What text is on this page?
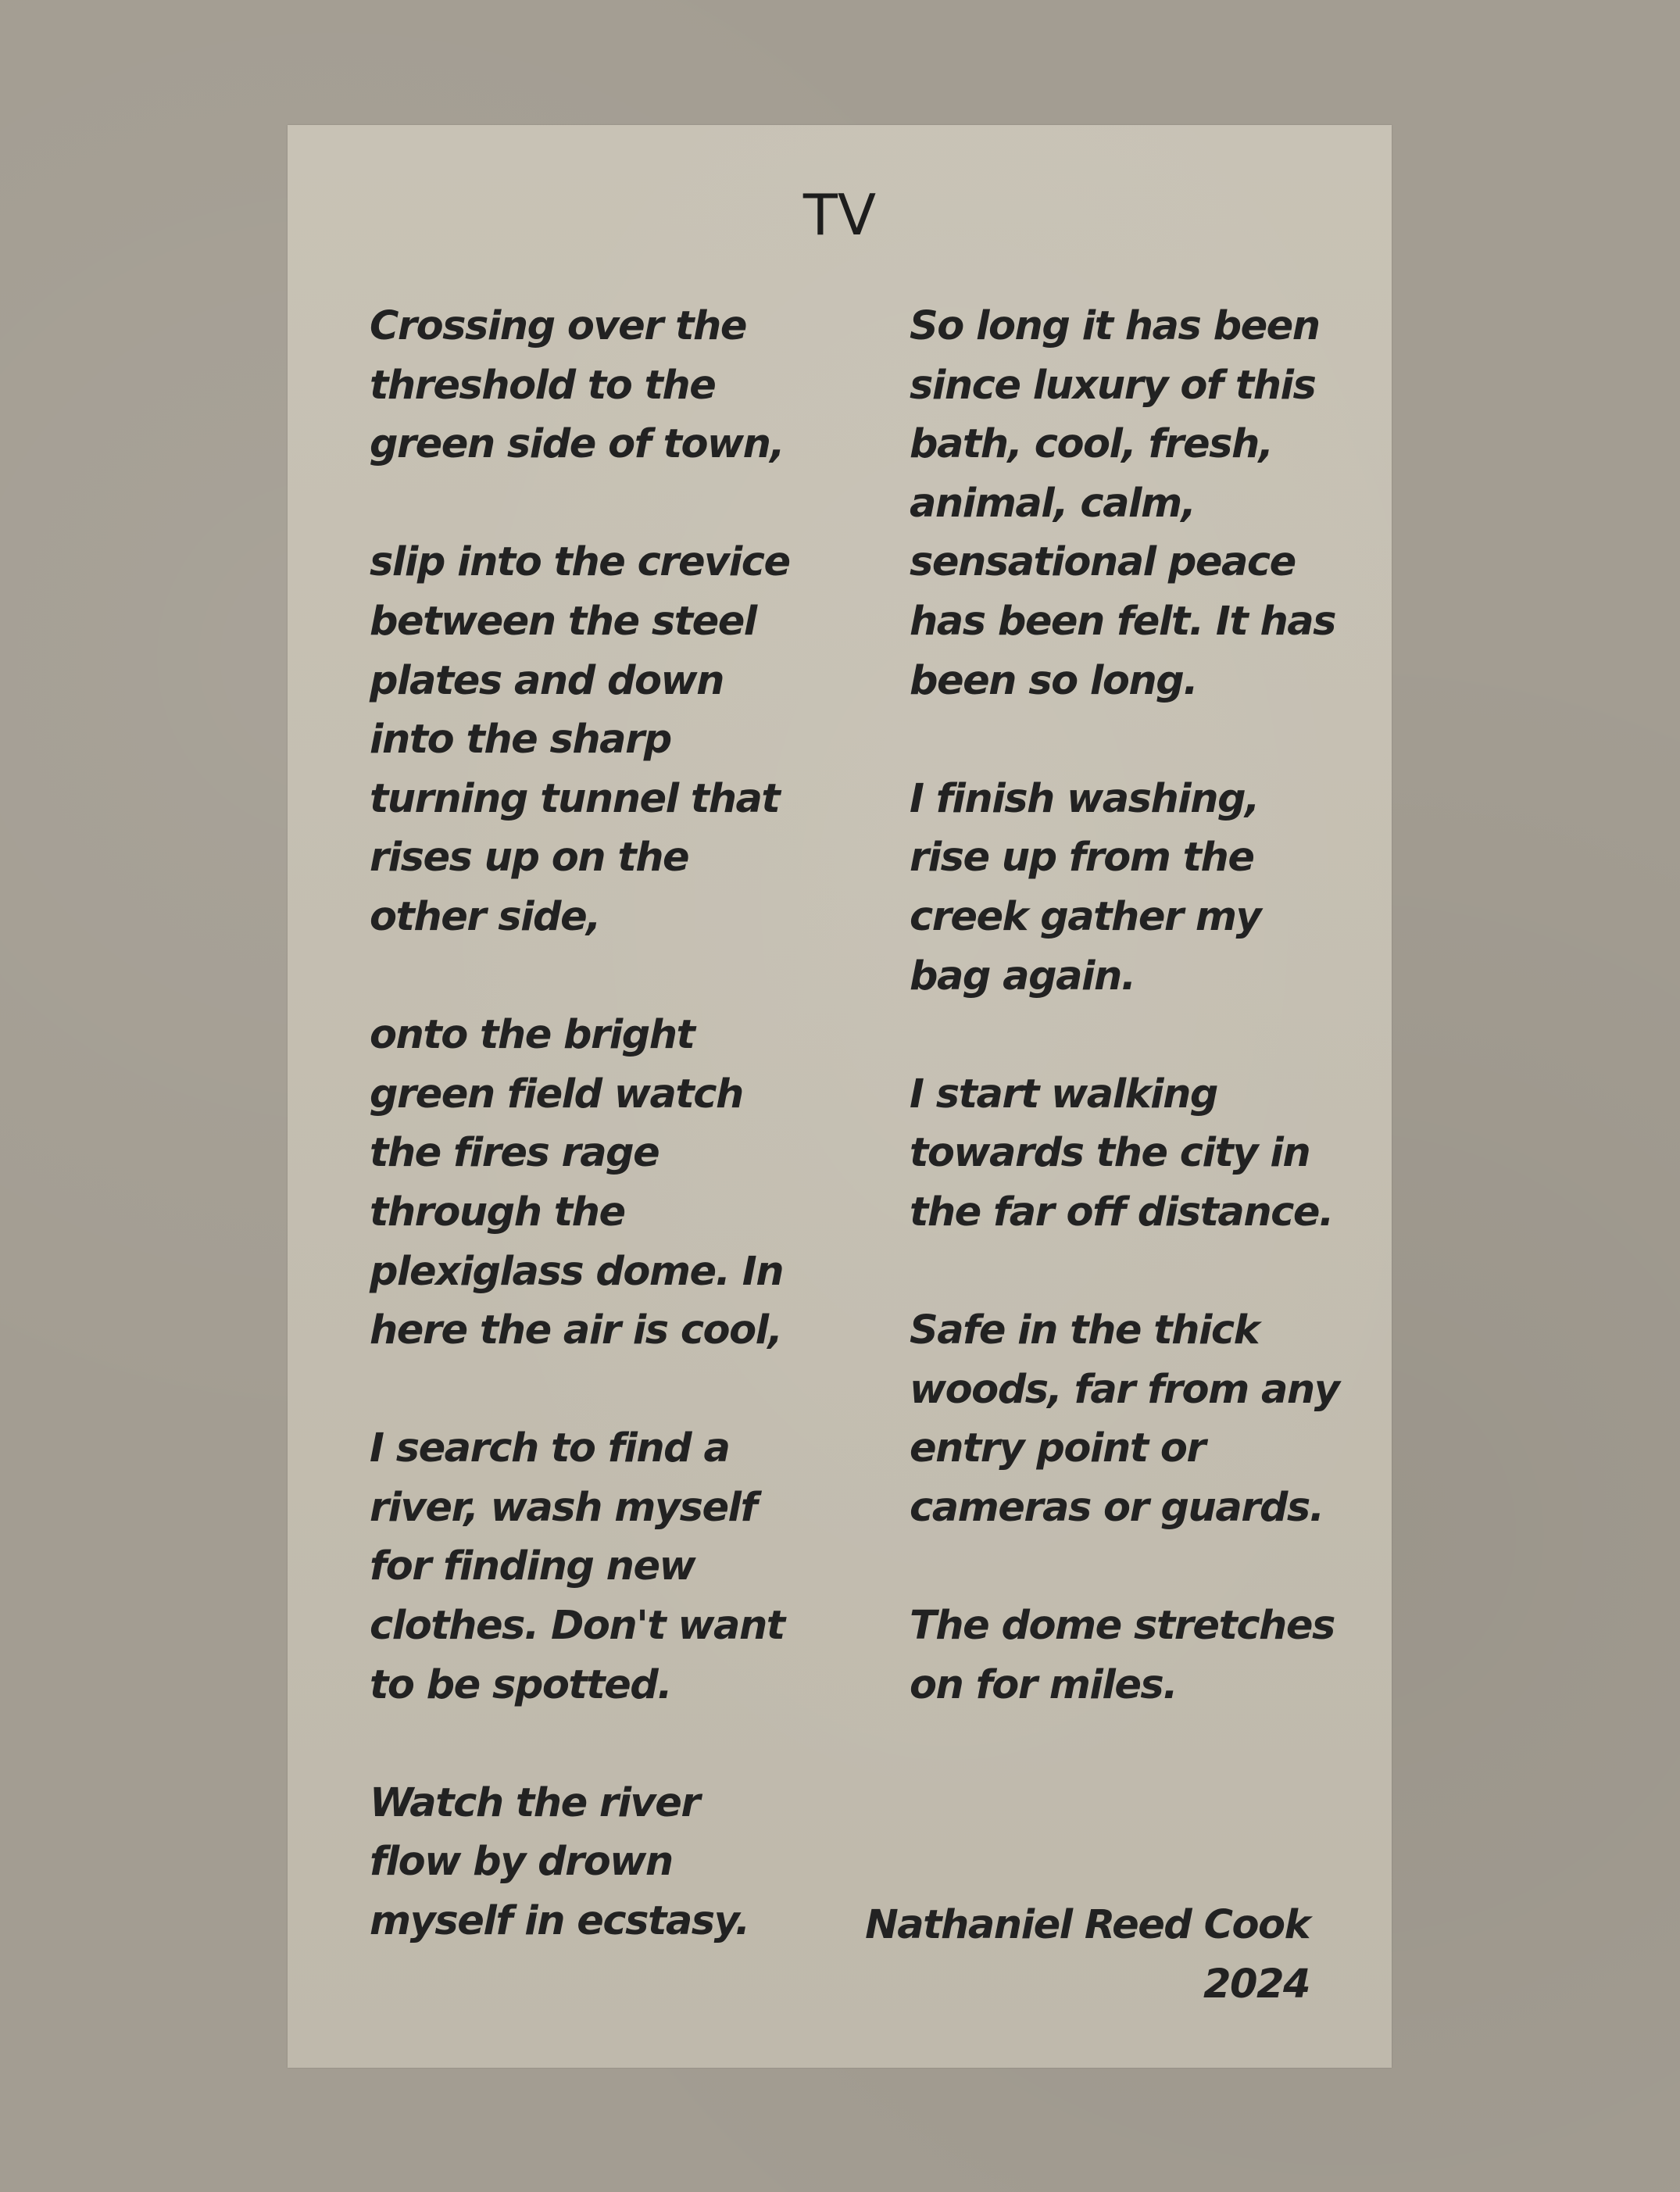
TV
Crossing over the
threshold to the
green side of town,
slip into the crevice
between the steel
plates and down
into the sharp
turning tunnel that
rises up on the
other side,
onto the bright
green field watch
the fires rage
through the
plexiglass dome. In
here the air is cool,
I search to find a
river, wash myself
for finding new
clothes. Don't want
to be spotted.
Watch the river
flow by drown
myself in ecstasy.
So long it has been
since luxury of this
bath, cool, fresh,
animal, calm,
sensational peace
has been felt. It has
been so long.
I finish washing,
rise up from the
creek gather my
bag again.
I start walking
towards the city in
the far off distance.
Safe in the thick
woods, far from any
entry point or
cameras or guards.
The dome stretches
on for miles.
Nathaniel Reed Cook
2024
